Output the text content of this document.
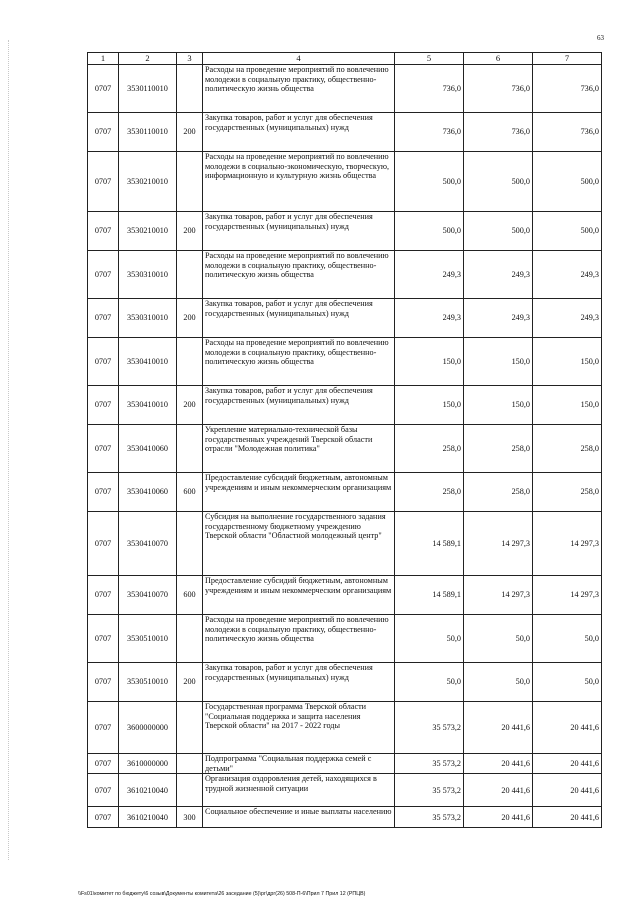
63
1	2	3	4	5	6	7
0707	3530110010		Расходы на проведение мероприятий по вовлечению молодежи в социальную практику, общественно-политическую жизнь общества	736,0	736,0	736,0
0707	3530110010	200	Закупка товаров, работ и услуг для обеспечения государственных (муниципальных) нужд	736,0	736,0	736,0
0707	3530210010		Расходы на проведение мероприятий по вовлечению молодежи в социально-экономическую, творческую, информационную и культурную жизнь общества	500,0	500,0	500,0
0707	3530210010	200	Закупка товаров, работ и услуг для обеспечения государственных (муниципальных) нужд	500,0	500,0	500,0
0707	3530310010		Расходы на проведение мероприятий по вовлечению молодежи в социальную практику, общественно-политическую жизнь общества	249,3	249,3	249,3
0707	3530310010	200	Закупка товаров, работ и услуг для обеспечения государственных (муниципальных) нужд	249,3	249,3	249,3
0707	3530410010		Расходы на проведение мероприятий по вовлечению молодежи в социальную практику, общественно-политическую жизнь общества	150,0	150,0	150,0
0707	3530410010	200	Закупка товаров, работ и услуг для обеспечения государственных (муниципальных) нужд	150,0	150,0	150,0
0707	3530410060		Укрепление материально-технической базы государственных учреждений Тверской области отрасли "Молодежная политика"	258,0	258,0	258,0
0707	3530410060	600	Предоставление субсидий бюджетным, автономным учреждениям и иным некоммерческим организациям	258,0	258,0	258,0
0707	3530410070		Субсидия на выполнение государственного задания государственному бюджетному учреждению Тверской области "Областной молодежный центр"	14 589,1	14 297,3	14 297,3
0707	3530410070	600	Предоставление субсидий бюджетным, автономным учреждениям и иным некоммерческим организациям	14 589,1	14 297,3	14 297,3
0707	3530510010		Расходы на проведение мероприятий по вовлечению молодежи в социальную практику, общественно-политическую жизнь общества	50,0	50,0	50,0
0707	3530510010	200	Закупка товаров, работ и услуг для обеспечения государственных (муниципальных) нужд	50,0	50,0	50,0
0707	3600000000		Государственная программа Тверской области "Социальная поддержка и защита населения Тверской области" на 2017 - 2022 годы	35 573,2	20 441,6	20 441,6
0707	3610000000		Подпрограмма "Социальная поддержка семей с детьми"	35 573,2	20 441,6	20 441,6
0707	3610210040		Организация оздоровления детей, находящихся в трудной жизненной ситуации	35 573,2	20 441,6	20 441,6
0707	3610210040	300	Социальное обеспечение и иные выплаты населению	35 573,2	20 441,6	20 441,6
\\Fs01\комитет по бюджету\6 созыв\Документы комитета\26 заседание (5)\рг\дрг(26) 508-П-6\Прил 7 Прил 12 (РПЦВ)
